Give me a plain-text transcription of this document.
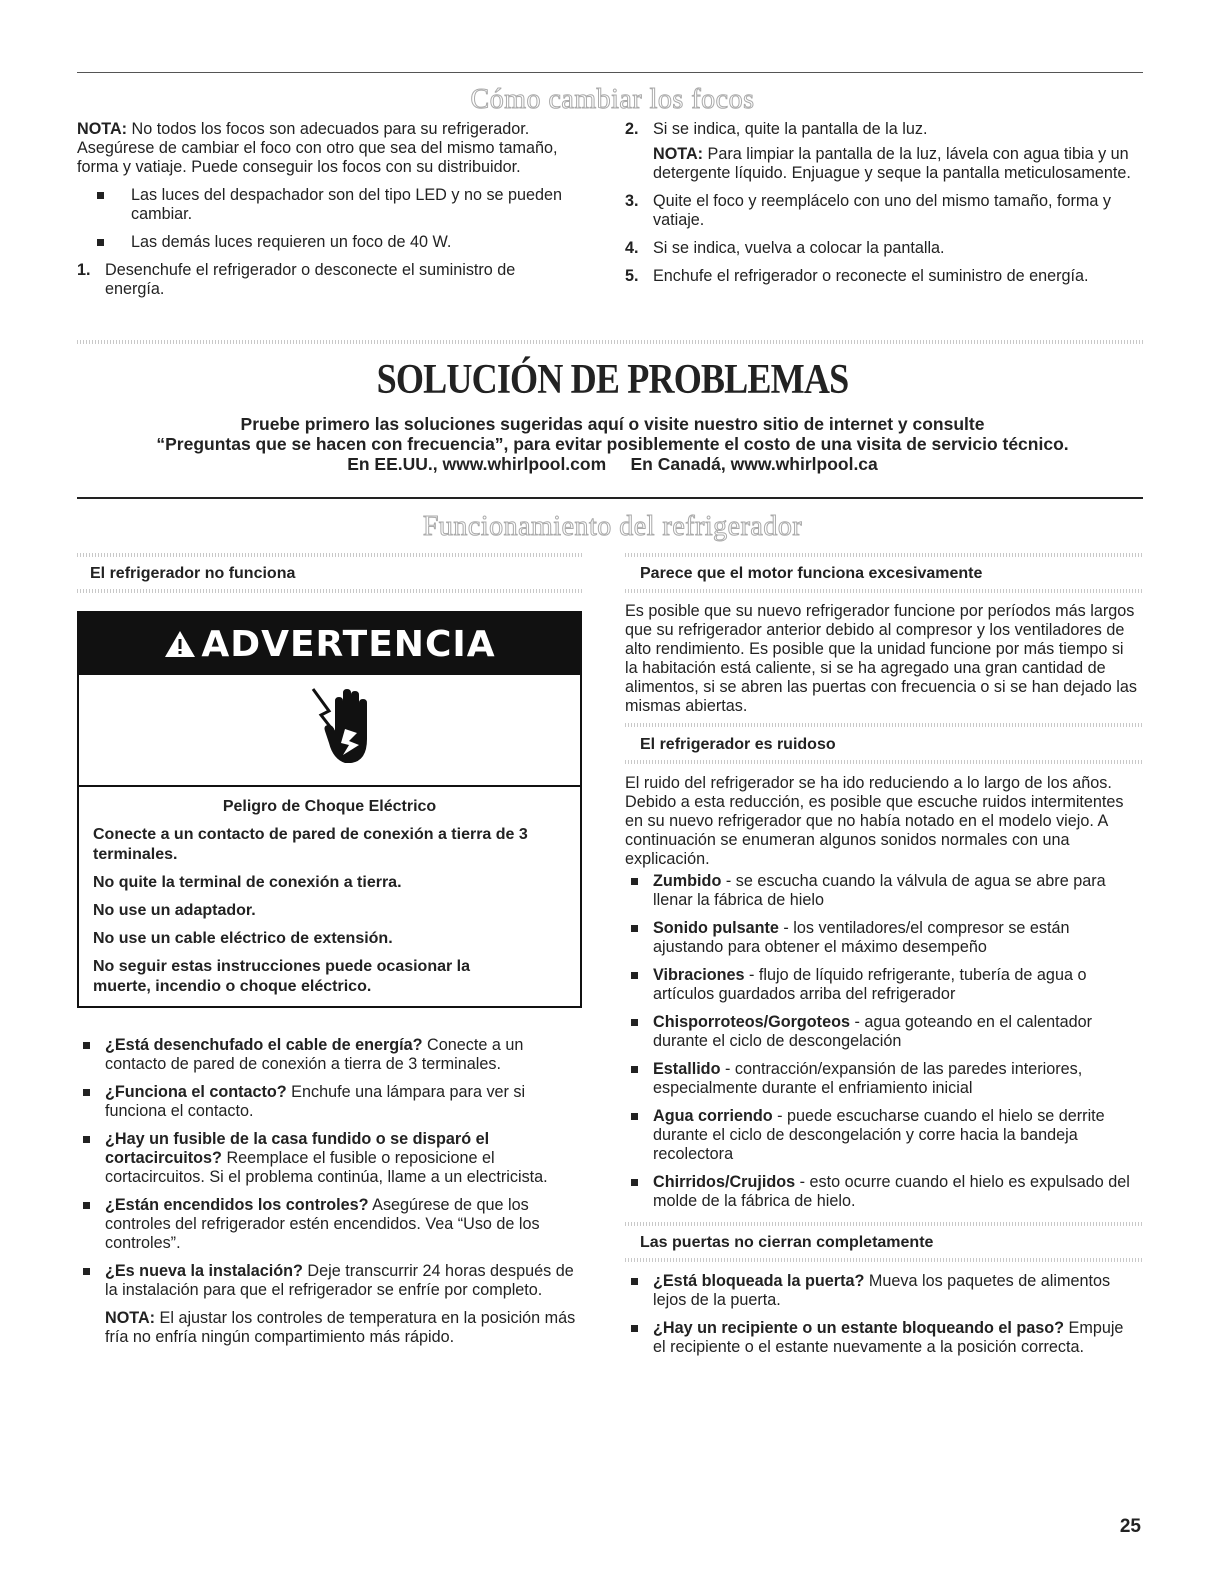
Cómo cambiar los focos

NOTA: No todos los focos son adecuados para su refrigerador. Asegúrese de cambiar el foco con otro que sea del mismo tamaño, forma y vatiaje. Puede conseguir los focos con su distribuidor.

Las luces del despachador son del tipo LED y no se pueden cambiar.
Las demás luces requieren un foco de 40 W.
1. Desenchufe el refrigerador o desconecte el suministro de energía.
2. Si se indica, quite la pantalla de la luz.

NOTA: Para limpiar la pantalla de la luz, lávela con agua tibia y un detergente líquido. Enjuague y seque la pantalla meticulosamente.

3. Quite el foco y reemplácelo con uno del mismo tamaño, forma y vatiaje.
4. Si se indica, vuelva a colocar la pantalla.
5. Enchufe el refrigerador o reconecte el suministro de energía.
SOLUCIÓN DE PROBLEMAS
Pruebe primero las soluciones sugeridas aquí o visite nuestro sitio de internet y consulte
“Preguntas que se hacen con frecuencia”, para evitar posiblemente el costo de una visita de servicio técnico.
En EE.UU., www.whirlpool.com     En Canadá, www.whirlpool.ca
Funcionamiento del refrigerador
El refrigerador no funciona
ADVERTENCIA

Peligro de Choque Eléctrico

Conecte a un contacto de pared de conexión a tierra de 3 terminales.

No quite la terminal de conexión a tierra.

No use un adaptador.

No use un cable eléctrico de extensión.

No seguir estas instrucciones puede ocasionar la muerte, incendio o choque eléctrico.

¿Está desenchufado el cable de energía? Conecte a un contacto de pared de conexión a tierra de 3 terminales.
¿Funciona el contacto? Enchufe una lámpara para ver si funciona el contacto.
¿Hay un fusible de la casa fundido o se disparó el cortacircuitos? Reemplace el fusible o reposicione el cortacircuitos. Si el problema continúa, llame a un electricista.
¿Están encendidos los controles? Asegúrese de que los controles del refrigerador estén encendidos. Vea “Uso de los controles”.
¿Es nueva la instalación? Deje transcurrir 24 horas después de la instalación para que el refrigerador se enfríe por completo.

NOTA: El ajustar los controles de temperatura en la posición más fría no enfría ningún compartimiento más rápido.

Parece que el motor funciona excesivamente

Es posible que su nuevo refrigerador funcione por períodos más largos que su refrigerador anterior debido al compresor y los ventiladores de alto rendimiento. Es posible que la unidad funcione por más tiempo si la habitación está caliente, si se ha agregado una gran cantidad de alimentos, si se abren las puertas con frecuencia o si se han dejado las mismas abiertas.

El refrigerador es ruidoso

El ruido del refrigerador se ha ido reduciendo a lo largo de los años. Debido a esta reducción, es posible que escuche ruidos intermitentes en su nuevo refrigerador que no había notado en el modelo viejo. A continuación se enumeran algunos sonidos normales con una explicación.

Zumbido - se escucha cuando la válvula de agua se abre para llenar la fábrica de hielo
Sonido pulsante - los ventiladores/el compresor se están ajustando para obtener el máximo desempeño
Vibraciones - flujo de líquido refrigerante, tubería de agua o artículos guardados arriba del refrigerador
Chisporroteos/Gorgoteos - agua goteando en el calentador durante el ciclo de descongelación
Estallido - contracción/expansión de las paredes interiores, especialmente durante el enfriamiento inicial
Agua corriendo - puede escucharse cuando el hielo se derrite durante el ciclo de descongelación y corre hacia la bandeja recolectora
Chirridos/Crujidos - esto ocurre cuando el hielo es expulsado del molde de la fábrica de hielo.
Las puertas no cierran completamente
¿Está bloqueada la puerta? Mueva los paquetes de alimentos lejos de la puerta.
¿Hay un recipiente o un estante bloqueando el paso? Empuje el recipiente o el estante nuevamente a la posición correcta.
25
